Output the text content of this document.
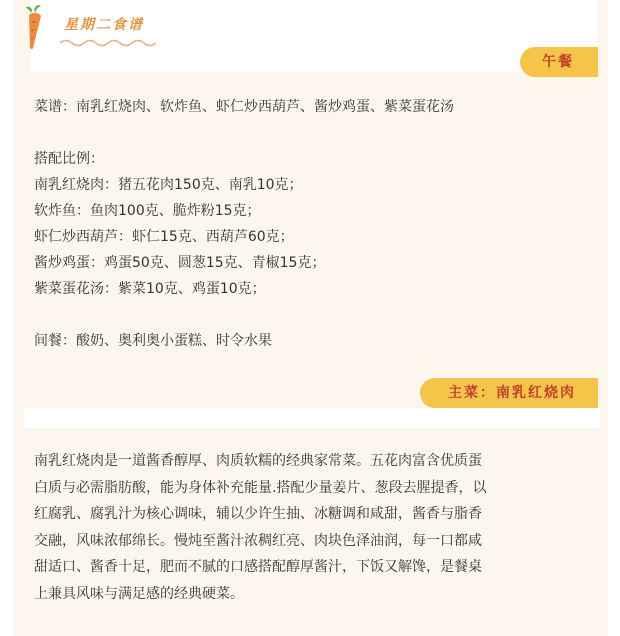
星期二食谱
午餐
菜谱：南乳红烧肉、软炸鱼、虾仁炒西葫芦、酱炒鸡蛋、紫菜蛋花汤
搭配比例：
南乳红烧肉：猪五花肉150克、南乳10克；
软炸鱼：鱼肉100克、脆炸粉15克；
虾仁炒西葫芦：虾仁15克、西葫芦60克；
酱炒鸡蛋：鸡蛋50克、圆葱15克、青椒15克；
紫菜蛋花汤：紫菜10克、鸡蛋10克；
间餐：酸奶、奥利奥小蛋糕、时令水果
主菜：南乳红烧肉
南乳红烧肉是一道酱香醇厚、肉质软糯的经典家常菜。五花肉富含优质蛋
白质与必需脂肪酸，能为身体补充能量.搭配少量姜片、葱段去腥提香，以
红腐乳、腐乳汁为核心调味，辅以少许生抽、冰糖调和咸甜，酱香与脂香
交融，风味浓郁绵长。慢炖至酱汁浓稠红亮、肉块色泽油润，每一口都咸
甜适口、酱香十足，肥而不腻的口感搭配醇厚酱汁，下饭又解馋，是餐桌
上兼具风味与满足感的经典硬菜。
